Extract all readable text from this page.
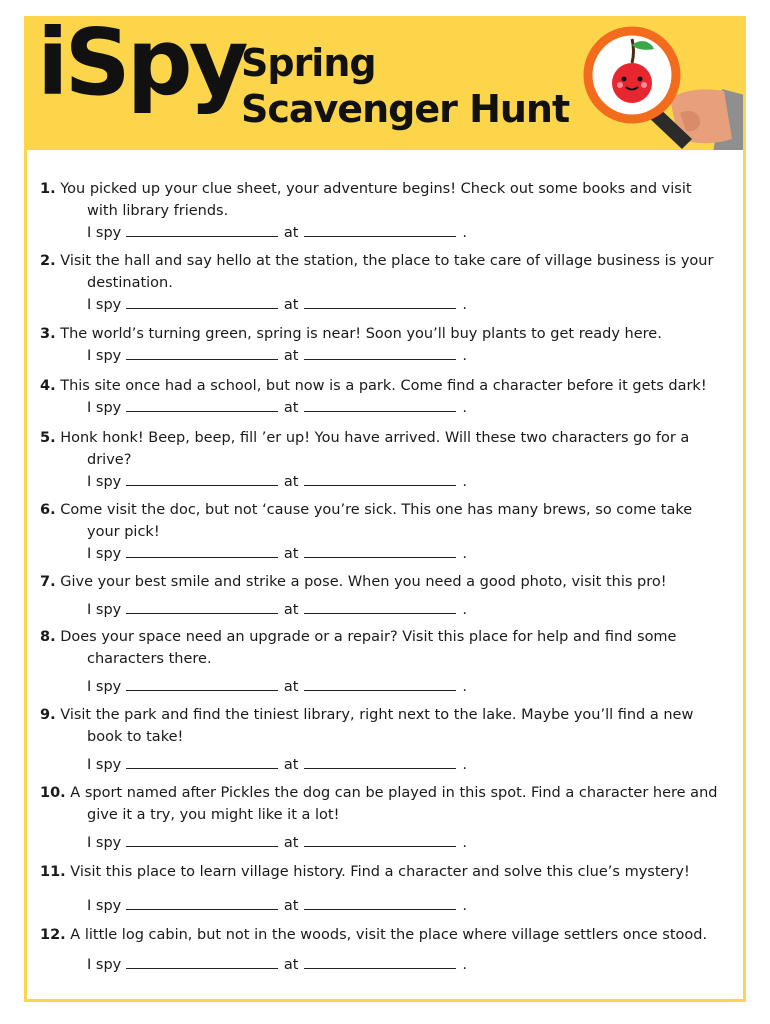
iSpy
Spring
Scavenger Hunt
1. You picked up your clue sheet, your adventure begins! Check out some books and visit with library friends.
I spy	at	.
2. Visit the hall and say hello at the station, the place to take care of village business is your destination.
I spy	at	.
3. The world’s turning green, spring is near! Soon you’ll buy plants to get ready here.
I spy	at	.
4. This site once had a school, but now is a park. Come find a character before it gets dark!
I spy	at	.
5. Honk honk! Beep, beep, fill ’er up! You have arrived. Will these two characters go for a drive?
I spy	at	.
6. Come visit the doc, but not ‘cause you’re sick. This one has many brews, so come take your pick!
I spy	at	.
7. Give your best smile and strike a pose. When you need a good photo, visit this pro!
I spy	at	.
8. Does your space need an upgrade or a repair? Visit this place for help and find some characters there.
I spy	at	.
9. Visit the park and find the tiniest library, right next to the lake. Maybe you’ll find a new book to take!
I spy	at	.
10. A sport named after Pickles the dog can be played in this spot. Find a character here and give it a try, you might like it a lot!
I spy	at	.
11. Visit this place to learn village history. Find a character and solve this clue’s mystery!
I spy	at	.
12. A little log cabin, but not in the woods, visit the place where village settlers once stood.
I spy	at	.
